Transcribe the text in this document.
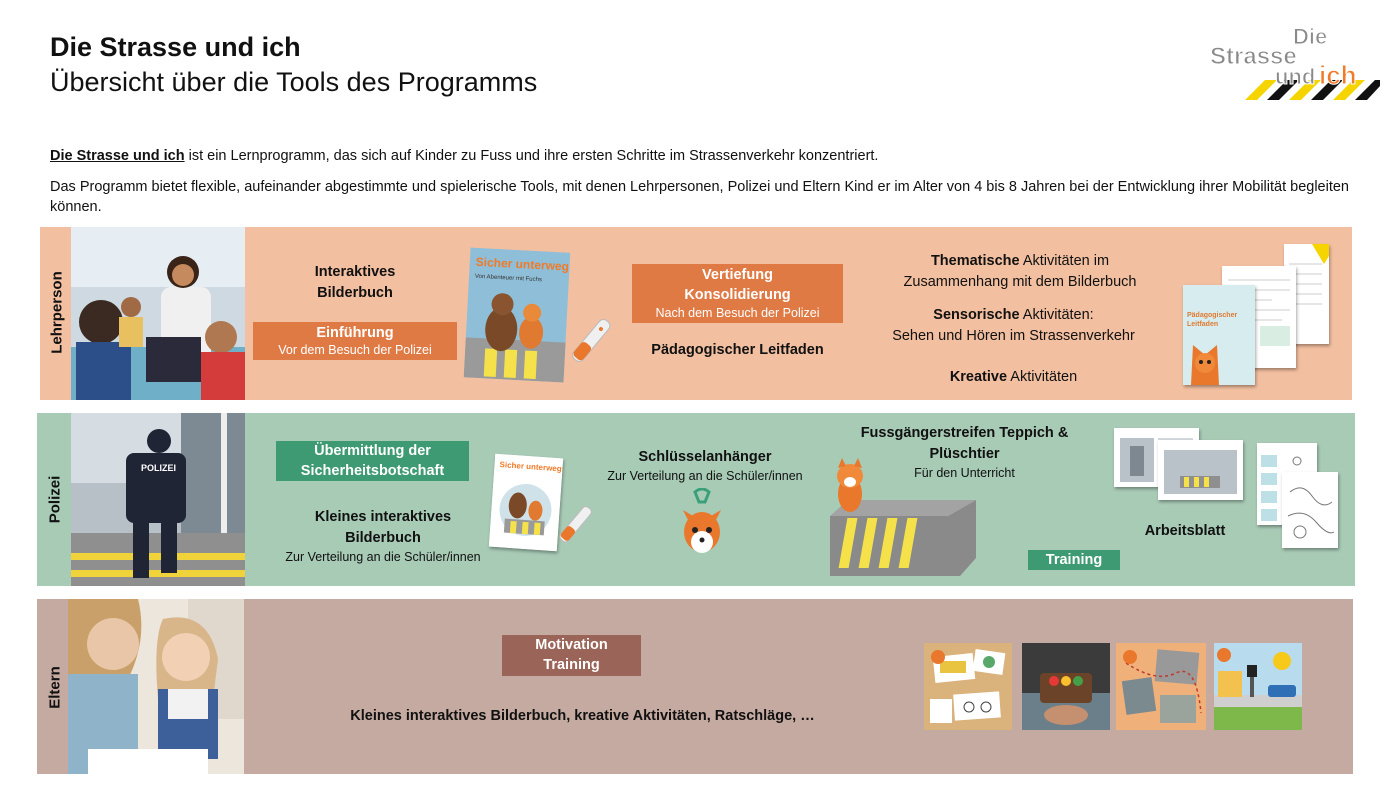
Die Strasse und ich
Übersicht über die Tools des Programms
Die
Strasse
und ich
Die Strasse und ich ist ein Lernprogramm, das sich auf Kinder zu Fuss und ihre ersten Schritte im Strassenverkehr konzentriert.
Das Programm bietet flexible, aufeinander abgestimmte und spielerische Tools, mit denen Lehrpersonen, Polizei und Eltern Kind er im Alter von 4 bis 8 Jahren bei der Entwicklung ihrer Mobilität begleiten können.
Lehrperson	Interaktives
Bilderbuch
Einführung
Vor dem Besuch der Polizei
Sicher unterwegs
Von Abenteuer mit Fuchs	Vertiefung
Konsolidierung
Nach dem Besuch der Polizei
Pädagogischer Leitfaden
Thematische Aktivitäten im
Zusammenhang mit dem Bilderbuch
Sensorische Aktivitäten:
Sehen und Hören im Strassenverkehr
Kreative Aktivitäten
Pädagogischer
Leitfaden
Polizei
POLIZEI
Übermittlung der
Sicherheitsbotschaft
Kleines interaktives
Bilderbuch
Zur Verteilung an die Schüler/innen
Sicher unterwegs
Schlüsselanhänger
Zur Verteilung an die Schüler/innen
Fussgängerstreifen Teppich &
Plüschtier
Für den Unterricht
Training
Arbeitsblatt
Eltern
Motivation
Training
Kleines interaktives Bilderbuch, kreative Aktivitäten, Ratschläge, …
